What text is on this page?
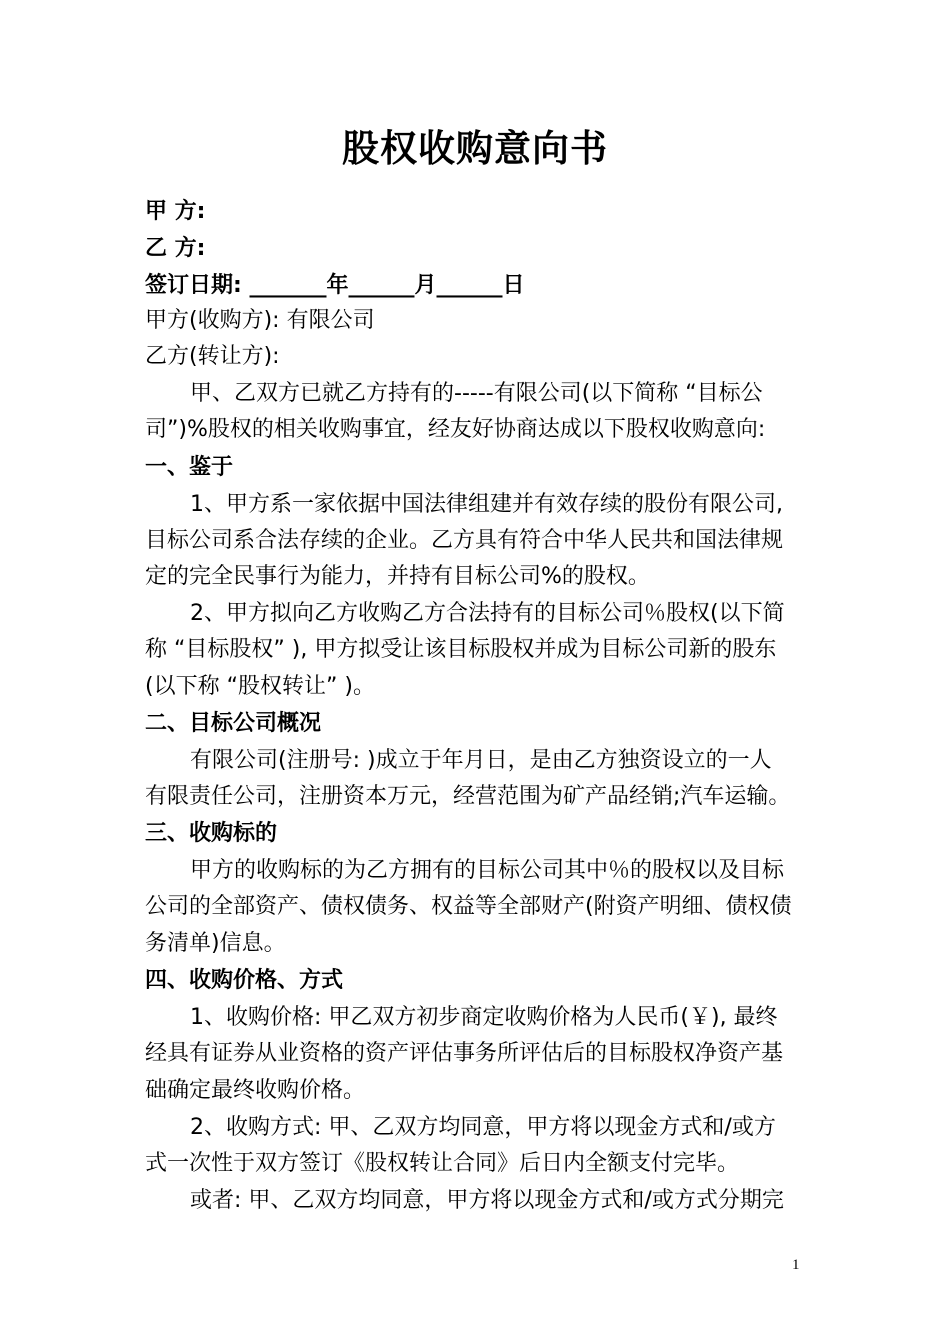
股权收购意向书
甲 方:
乙 方:
签订日期: _______年______月______日
甲方(收购方): 有限公司
乙方(转让方):
甲、乙双方已就乙方持有的-----有限公司(以下简称 “目标公
司”)%股权的相关收购事宜，经友好协商达成以下股权收购意向:
一、鉴于
1、甲方系一家依据中国法律组建并有效存续的股份有限公司,
目标公司系合法存续的企业。乙方具有符合中华人民共和国法律规
定的完全民事行为能力，并持有目标公司%的股权。
2、甲方拟向乙方收购乙方合法持有的目标公司％股权(以下简
称 “目标股权” ), 甲方拟受让该目标股权并成为目标公司新的股东
(以下称 “股权转让” )。
二、目标公司概况
有限公司(注册号: )成立于年月日，是由乙方独资设立的一人
有限责任公司，注册资本万元，经营范围为矿产品经销;汽车运输。
三、收购标的
甲方的收购标的为乙方拥有的目标公司其中％的股权以及目标
公司的全部资产、债权债务、权益等全部财产(附资产明细、债权债
务清单)信息。
四、收购价格、方式
1、收购价格: 甲乙双方初步商定收购价格为人民币(￥), 最终
经具有证券从业资格的资产评估事务所评估后的目标股权净资产基
础确定最终收购价格。
2、收购方式: 甲、乙双方均同意，甲方将以现金方式和/或方
式一次性于双方签订《股权转让合同》后日内全额支付完毕。
或者: 甲、乙双方均同意，甲方将以现金方式和/或方式分期完
1
